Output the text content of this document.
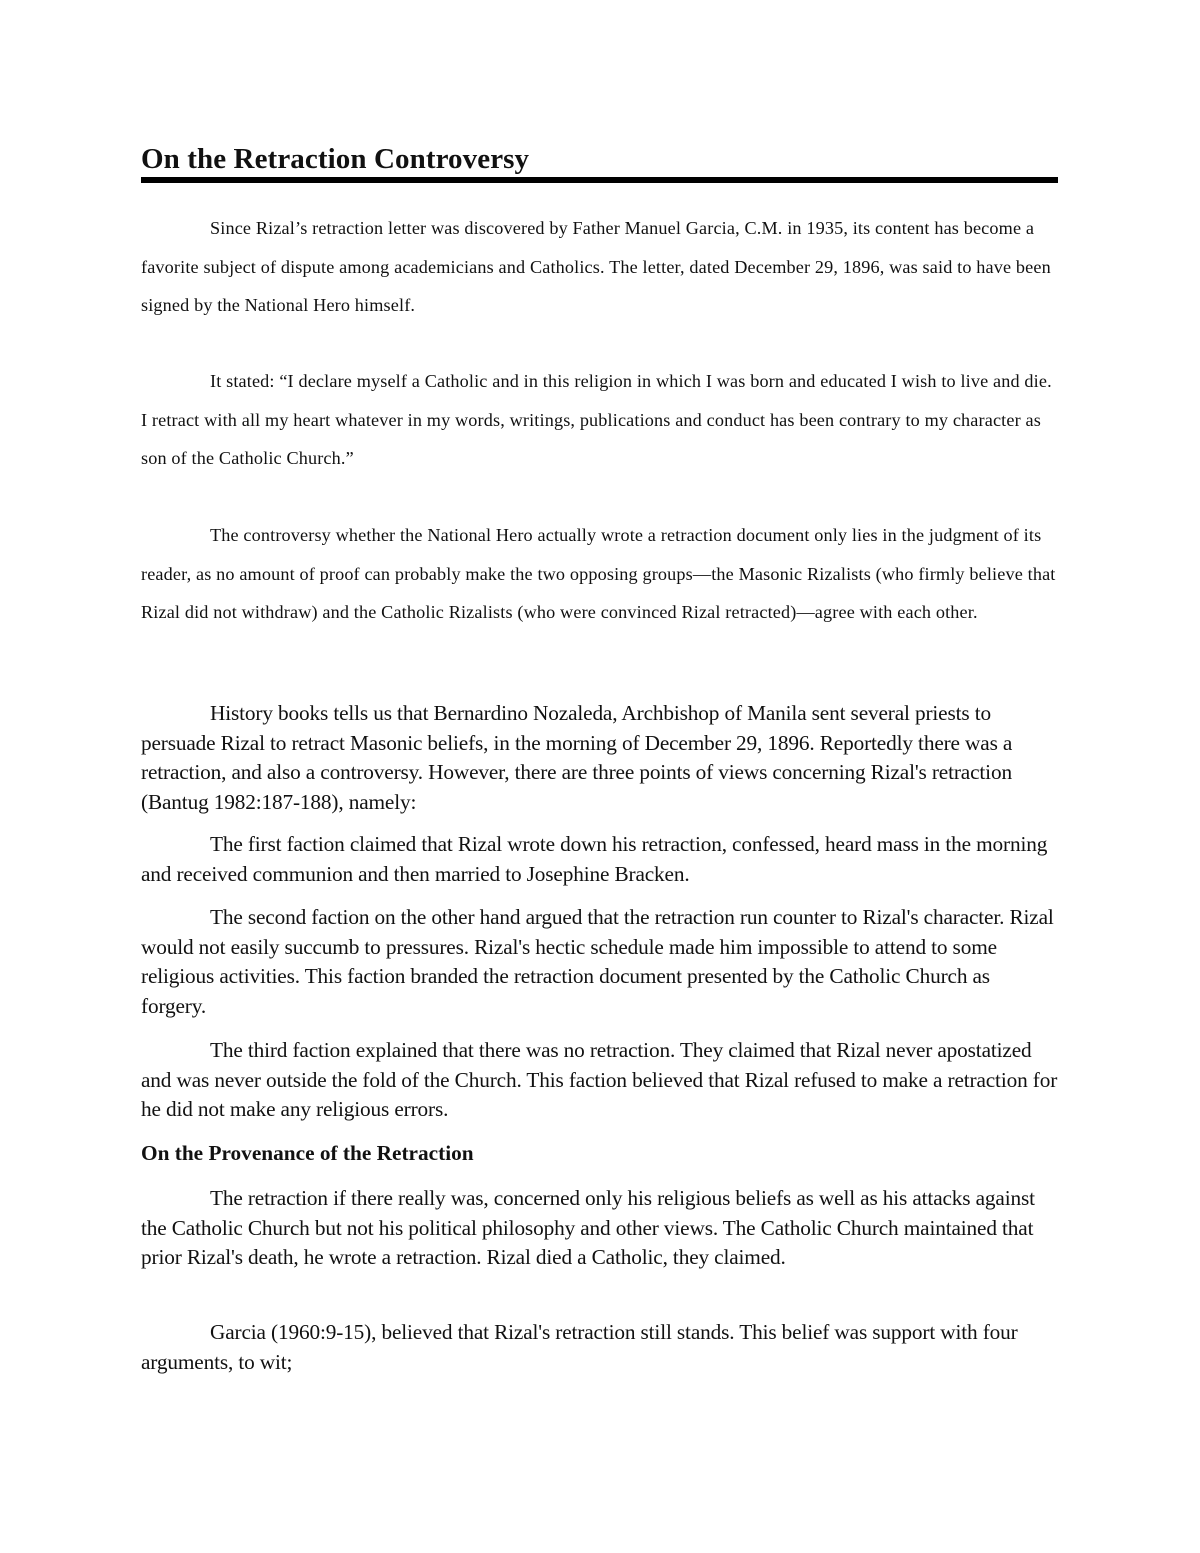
On the Retraction Controversy

Since Rizal’s retraction letter was discovered by Father Manuel Garcia, C.M. in 1935, its content has become a favorite subject of dispute among academicians and Catholics. The letter, dated December 29, 1896, was said to have been signed by the National Hero himself.

It stated: “I declare myself a Catholic and in this religion in which I was born and educated I wish to live and die. I retract with all my heart whatever in my words, writings, publications and conduct has been contrary to my character as son of the Catholic Church.”

The controversy whether the National Hero actually wrote a retraction document only lies in the judgment of its reader, as no amount of proof can probably make the two opposing groups—the Masonic Rizalists (who firmly believe that Rizal did not withdraw) and the Catholic Rizalists (who were convinced Rizal retracted)—agree with each other.

History books tells us that Bernardino Nozaleda, Archbishop of Manila sent several priests to persuade Rizal to retract Masonic beliefs, in the morning of December 29, 1896. Reportedly there was a retraction, and also a controversy. However, there are three points of views concerning Rizal's retraction (Bantug 1982:187-188), namely:

The first faction claimed that Rizal wrote down his retraction, confessed, heard mass in the morning and received communion and then married to Josephine Bracken.

The second faction on the other hand argued that the retraction run counter to Rizal's character. Rizal would not easily succumb to pressures. Rizal's hectic schedule made him impossible to attend to some religious activities. This faction branded the retraction document presented by the Catholic Church as forgery.

The third faction explained that there was no retraction. They claimed that Rizal never apostatized and was never outside the fold of the Church. This faction believed that Rizal refused to make a retraction for he did not make any religious errors.

On the Provenance of the Retraction

The retraction if there really was, concerned only his religious beliefs as well as his attacks against the Catholic Church but not his political philosophy and other views. The Catholic Church maintained that prior Rizal's death, he wrote a retraction. Rizal died a Catholic, they claimed.

Garcia (1960:9-15), believed that Rizal's retraction still stands. This belief was support with four arguments, to wit;
